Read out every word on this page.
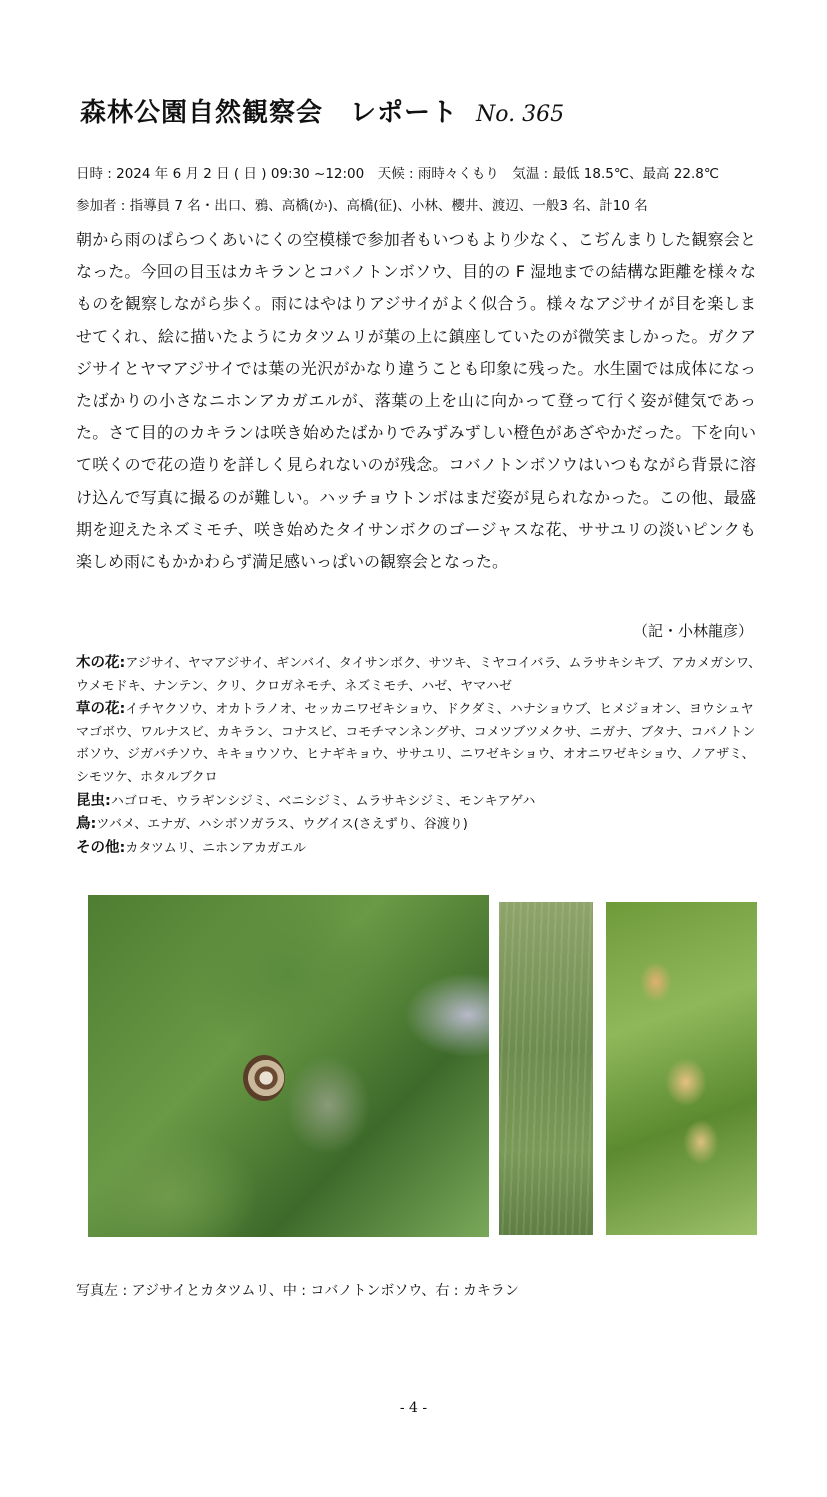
森林公園自然観察会　レポート No. 365
日時 : 2024 年 6 月 2 日 ( 日 ) 09:30 ~12:00　天候 : 雨時々くもり　気温 : 最低 18.5℃、最高 22.8℃
参加者 : 指導員 7 名・出口、鴉、高橋(か)、高橋(征)、小林、櫻井、渡辺、一般3 名、計10 名

朝から雨のぱらつくあいにくの空模様で参加者もいつもより少なく、こぢんまりした観察会となった。今回の目玉はカキランとコバノトンボソウ、目的の F 湿地までの結構な距離を様々なものを観察しながら歩く。雨にはやはりアジサイがよく似合う。様々なアジサイが目を楽しませてくれ、絵に描いたようにカタツムリが葉の上に鎮座していたのが微笑ましかった。ガクアジサイとヤマアジサイでは葉の光沢がかなり違うことも印象に残った。水生園では成体になったばかりの小さなニホンアカガエルが、落葉の上を山に向かって登って行く姿が健気であった。さて目的のカキランは咲き始めたばかりでみずみずしい橙色があざやかだった。下を向いて咲くので花の造りを詳しく見られないのが残念。コバノトンボソウはいつもながら背景に溶け込んで写真に撮るのが難しい。ハッチョウトンボはまだ姿が見られなかった。この他、最盛期を迎えたネズミモチ、咲き始めたタイサンボクのゴージャスな花、ササユリの淡いピンクも楽しめ雨にもかかわらず満足感いっぱいの観察会となった。

（記・小林龍彦）

木の花:アジサイ、ヤマアジサイ、ギンバイ、タイサンボク、サツキ、ミヤコイバラ、ムラサキシキブ、アカメガシワ、ウメモドキ、ナンテン、クリ、クロガネモチ、ネズミモチ、ハゼ、ヤマハゼ

草の花:イチヤクソウ、オカトラノオ、セッカニワゼキショウ、ドクダミ、ハナショウブ、ヒメジョオン、ヨウシュヤマゴボウ、ワルナスビ、カキラン、コナスビ、コモチマンネングサ、コメツブツメクサ、ニガナ、ブタナ、コバノトンボソウ、ジガバチソウ、キキョウソウ、ヒナギキョウ、ササユリ、ニワゼキショウ、オオニワゼキショウ、ノアザミ、シモツケ、ホタルブクロ

昆虫:ハゴロモ、ウラギンシジミ、ベニシジミ、ムラサキシジミ、モンキアゲハ

鳥:ツバメ、エナガ、ハシボソガラス、ウグイス(さえずり、谷渡り)

その他:カタツムリ、ニホンアカガエル

写真左 : アジサイとカタツムリ、中 : コバノトンボソウ、右 : カキラン
- 4 -
